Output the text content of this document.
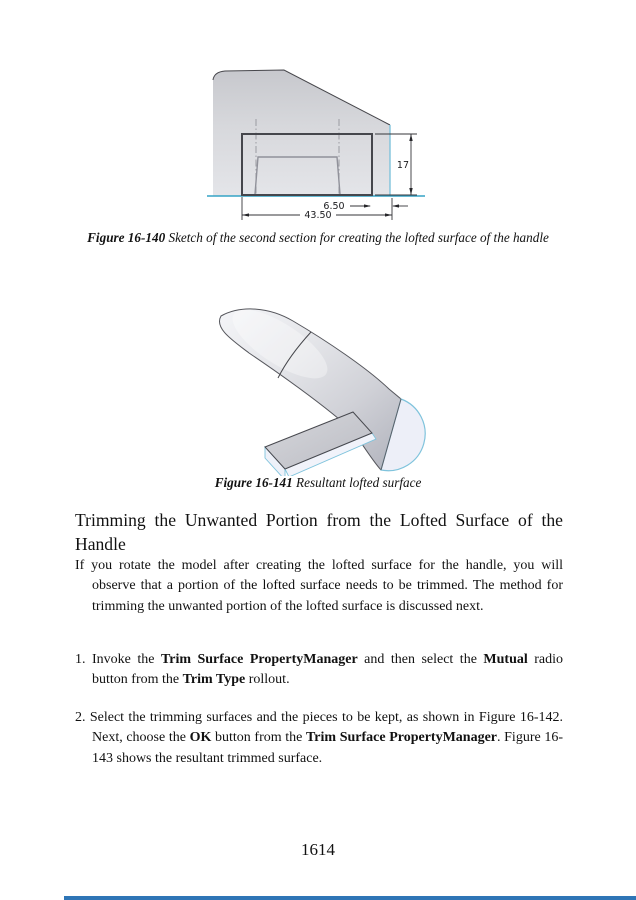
17
6.50
43.50
Figure 16-140 Sketch of the second section for creating the lofted surface of the handle
Figure 16-141 Resultant lofted surface
Trimming the Unwanted Portion from the Lofted Surface of the Handle

If you rotate the model after creating the lofted surface for the handle, you will observe that a portion of the lofted surface needs to be trimmed. The method for trimming the unwanted portion of the lofted surface is discussed next.

1. Invoke the Trim Surface PropertyManager and then select the Mutual radio button from the Trim Type rollout.
2. Select the trimming surfaces and the pieces to be kept, as shown in Figure 16-142. Next, choose the OK button from the Trim Surface PropertyManager. Figure 16-143 shows the resultant trimmed surface.
1614
